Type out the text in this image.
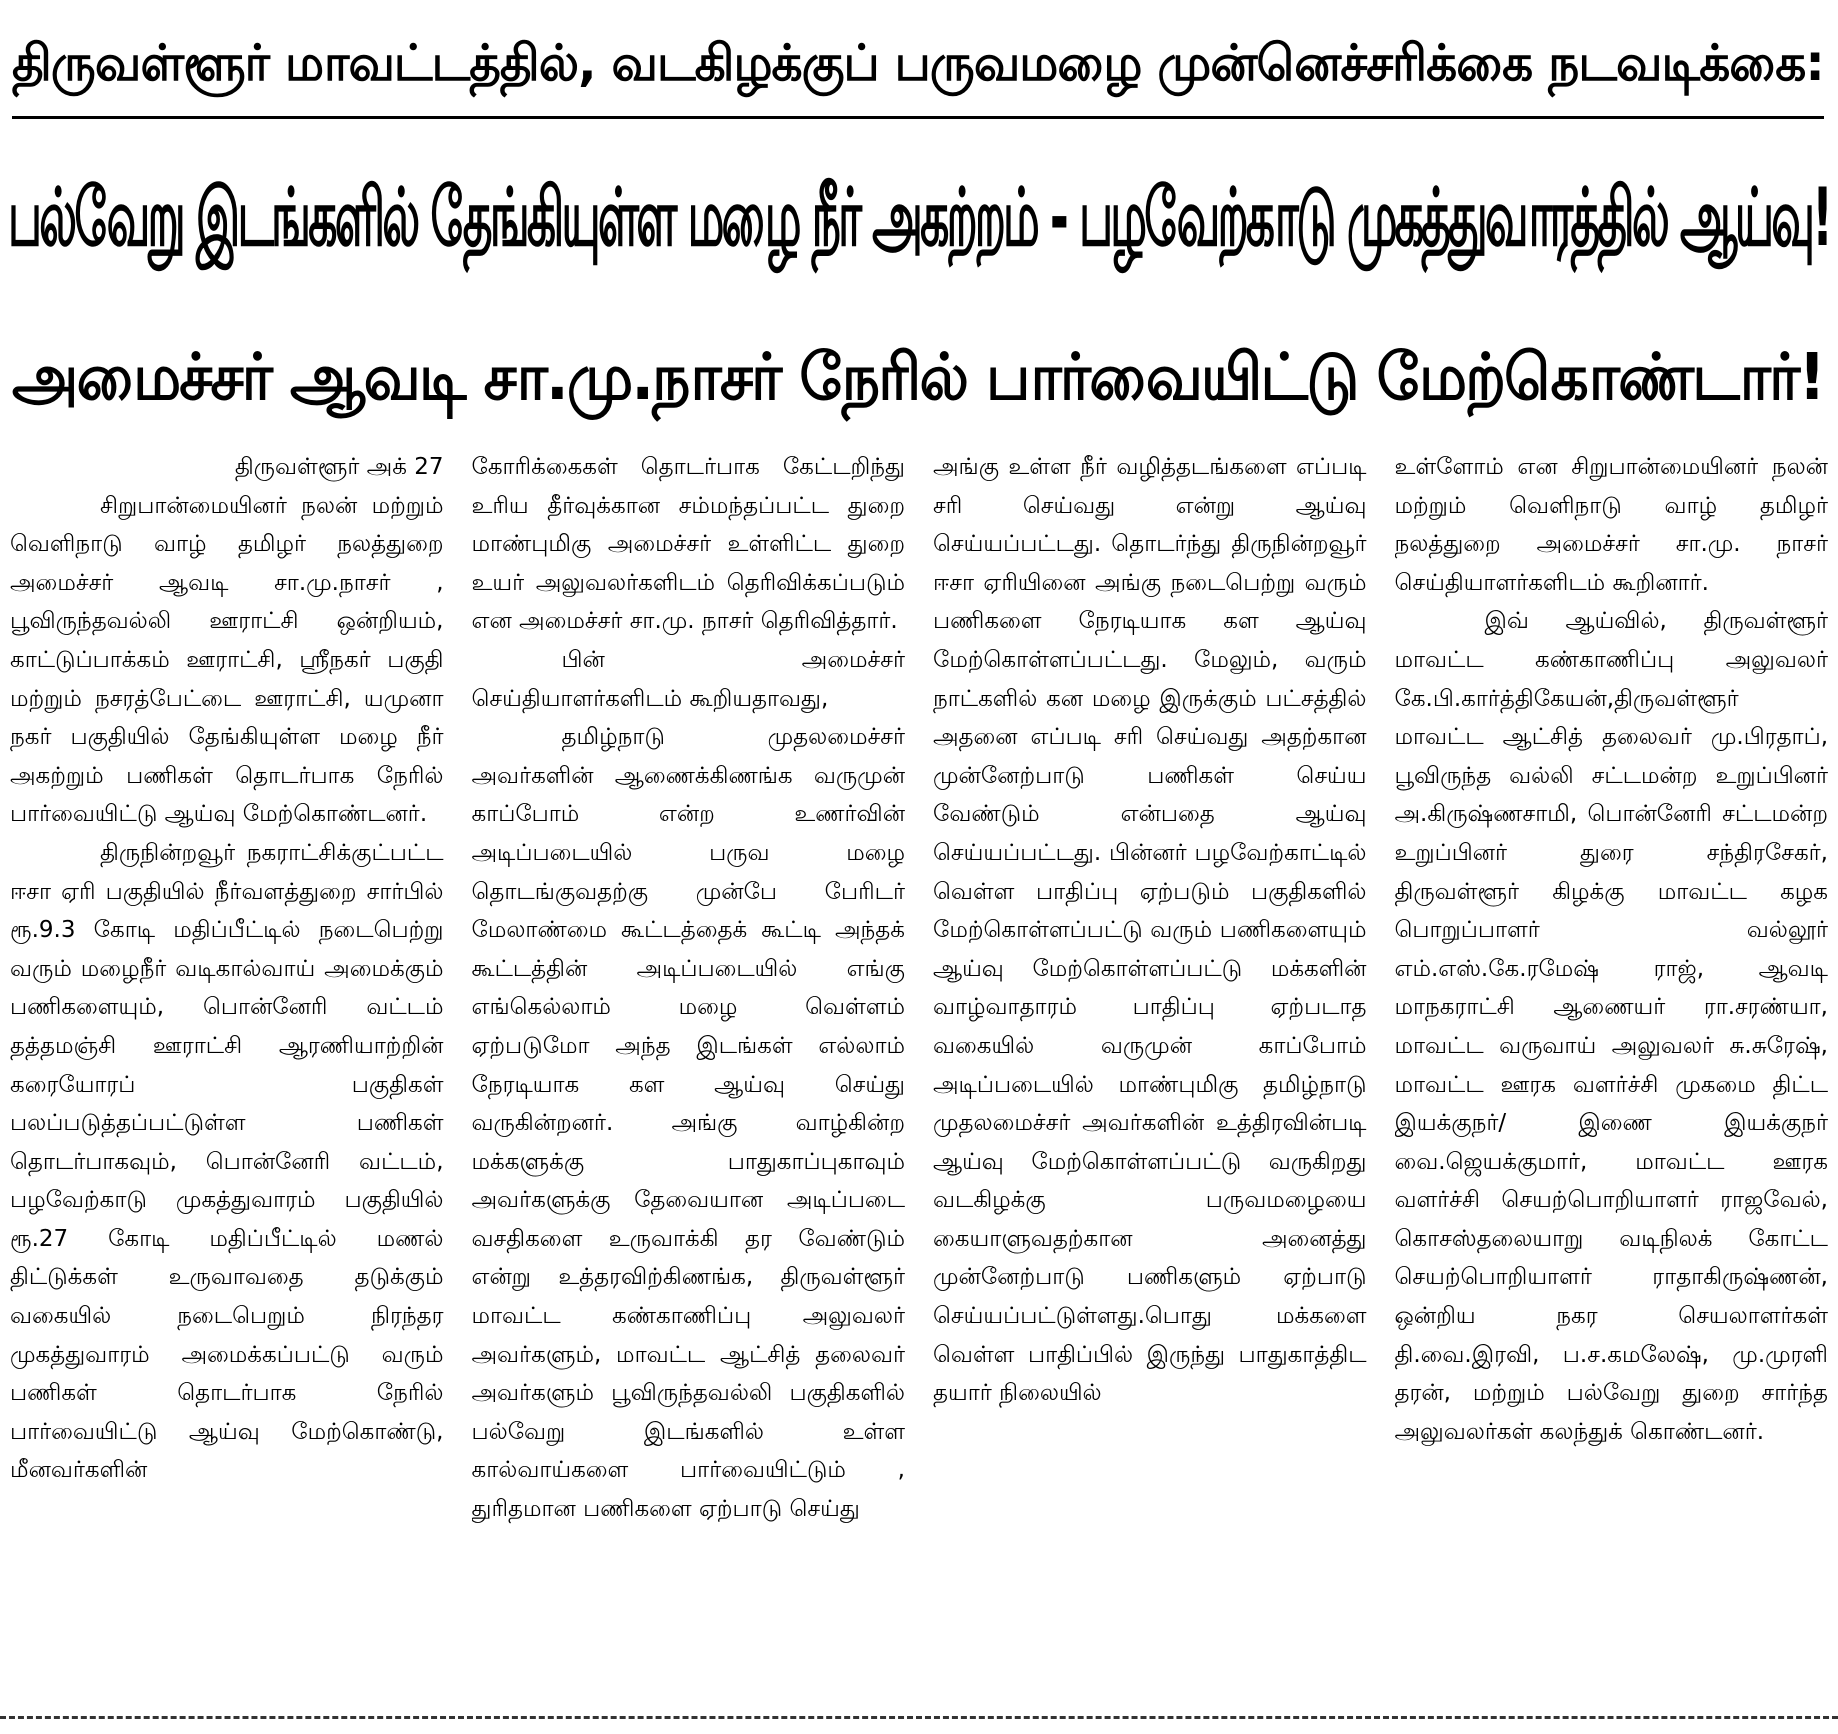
திருவள்ளூர் மாவட்டத்தில், வடகிழக்குப் பருவமழை முன்னெச்சரிக்கை நடவடிக்கை:
பல்வேறு இடங்களில் தேங்கியுள்ள மழை நீர் அகற்றம் - பழவேற்காடு முகத்துவாரத்தில் ஆய்வு!
அமைச்சர் ஆவடி சா.மு.நாசர் நேரில் பார்வையிட்டு மேற்கொண்டார்!

திருவள்ளூர் அக் 27

சிறுபான்மையினர் நலன் மற்றும் வெளிநாடு வாழ் தமிழர் நலத்துறை அமைச்சர் ஆவடி சா.மு.நாசர் , பூவிருந்தவல்லி ஊராட்சி ஒன்றியம், காட்டுப்பாக்கம் ஊராட்சி, ஸ்ரீநகர் பகுதி மற்றும் நசரத்பேட்டை ஊராட்சி, யமுனா நகர் பகுதியில் தேங்கியுள்ள மழை நீர் அகற்றும் பணிகள் தொடர்பாக நேரில் பார்வையிட்டு ஆய்வு மேற்கொண்டனர்.

திருநின்றவூர் நகராட்சிக்குட்பட்ட ஈசா ஏரி பகுதியில் நீர்வளத்துறை சார்பில் ரூ.9.3 கோடி மதிப்பீட்டில் நடைபெற்று வரும் மழைநீர் வடிகால்வாய் அமைக்கும் பணிகளையும், பொன்னேரி வட்டம் தத்தமஞ்சி ஊராட்சி ஆரணியாற்றின் கரையோரப் பகுதிகள் பலப்படுத்தப்பட்டுள்ள பணிகள் தொடர்பாகவும், பொன்னேரி வட்டம், பழவேற்காடு முகத்துவாரம் பகுதியில் ரூ.27 கோடி மதிப்பீட்டில் மணல் திட்டுக்கள் உருவாவதை தடுக்கும் வகையில் நடைபெறும் நிரந்தர முகத்துவாரம் அமைக்கப்பட்டு வரும் பணிகள் தொடர்பாக நேரில் பார்வையிட்டு ஆய்வு மேற்கொண்டு, மீனவர்களின்

கோரிக்கைகள் தொடர்பாக கேட்டறிந்து உரிய தீர்வுக்கான சம்மந்தப்பட்ட துறை மாண்புமிகு அமைச்சர் உள்ளிட்ட துறை உயர் அலுவலர்களிடம் தெரிவிக்கப்படும் என அமைச்சர் சா.மு. நாசர் தெரிவித்தார்.

பின் அமைச்சர் செய்தியாளர்களிடம் கூறியதாவது,

தமிழ்நாடு முதலமைச்சர் அவர்களின் ஆணைக்கிணங்க வருமுன் காப்போம் என்ற உணர்வின் அடிப்படையில் பருவ மழை தொடங்குவதற்கு முன்பே பேரிடர் மேலாண்மை கூட்டத்தைக் கூட்டி அந்தக் கூட்டத்தின் அடிப்படையில் எங்கு எங்கெல்லாம் மழை வெள்ளம் ஏற்படுமோ அந்த இடங்கள் எல்லாம் நேரடியாக கள ஆய்வு செய்து வருகின்றனர். அங்கு வாழ்கின்ற மக்களுக்கு பாதுகாப்புகாவும் அவர்களுக்கு தேவையான அடிப்படை வசதிகளை உருவாக்கி தர வேண்டும் என்று உத்தரவிற்கிணங்க, திருவள்ளூர் மாவட்ட கண்காணிப்பு அலுவலர் அவர்களும், மாவட்ட ஆட்சித் தலைவர் அவர்களும் பூவிருந்தவல்லி பகுதிகளில் பல்வேறு இடங்களில் உள்ள கால்வாய்களை பார்வையிட்டும் , துரிதமான பணிகளை ஏற்பாடு செய்து

அங்கு உள்ள நீர் வழித்தடங்களை எப்படி சரி செய்வது என்று ஆய்வு செய்யப்பட்டது. தொடர்ந்து திருநின்றவூர் ஈசா ஏரியினை அங்கு நடைபெற்று வரும் பணிகளை நேரடியாக கள ஆய்வு மேற்கொள்ளப்பட்டது. மேலும், வரும் நாட்களில் கன மழை இருக்கும் பட்சத்தில் அதனை எப்படி சரி செய்வது அதற்கான முன்னேற்பாடு பணிகள் செய்ய வேண்டும் என்பதை ஆய்வு செய்யப்பட்டது. பின்னர் பழவேற்காட்டில் வெள்ள பாதிப்பு ஏற்படும் பகுதிகளில் மேற்கொள்ளப்பட்டு வரும் பணிகளையும் ஆய்வு மேற்கொள்ளப்பட்டு மக்களின் வாழ்வாதாரம் பாதிப்பு ஏற்படாத வகையில் வருமுன் காப்போம் அடிப்படையில் மாண்புமிகு தமிழ்நாடு முதலமைச்சர் அவர்களின் உத்திரவின்படி ஆய்வு மேற்கொள்ளப்பட்டு வருகிறது வடகிழக்கு பருவமழையை கையாளுவதற்கான அனைத்து முன்னேற்பாடு பணிகளும் ஏற்பாடு செய்யப்பட்டுள்ளது.பொது மக்களை வெள்ள பாதிப்பில் இருந்து பாதுகாத்திட தயார் நிலையில்

உள்ளோம் என சிறுபான்மையினர் நலன் மற்றும் வெளிநாடு வாழ் தமிழர் நலத்துறை அமைச்சர் சா.மு. நாசர் செய்தியாளர்களிடம் கூறினார்.

இவ் ஆய்வில், திருவள்ளூர் மாவட்ட கண்காணிப்பு அலுவலர் கே.பி.கார்த்திகேயன்,திருவள்ளூர் மாவட்ட ஆட்சித் தலைவர் மு.பிரதாப், பூவிருந்த வல்லி சட்டமன்ற உறுப்பினர் அ.கிருஷ்ணசாமி, பொன்னேரி சட்டமன்ற உறுப்பினர் துரை சந்திரசேகர், திருவள்ளூர் கிழக்கு மாவட்ட கழக பொறுப்பாளர் வல்லூர் எம்.எஸ்.கே.ரமேஷ் ராஜ், ஆவடி மாநகராட்சி ஆணையர் ரா.சரண்யா, மாவட்ட வருவாய் அலுவலர் சு.சுரேஷ், மாவட்ட ஊரக வளர்ச்சி முகமை திட்ட இயக்குநர்/ இணை இயக்குநர் வை.ஜெயக்குமார், மாவட்ட ஊரக வளர்ச்சி செயற்பொறியாளர் ராஜவேல், கொசஸ்தலையாறு வடிநிலக் கோட்ட செயற்பொறியாளர் ராதாகிருஷ்ணன், ஒன்றிய நகர செயலாளர்கள் தி.வை.இரவி, ப.ச.கமலேஷ், மு.முரளி தரன், மற்றும் பல்வேறு துறை சார்ந்த அலுவலர்கள் கலந்துக் கொண்டனர்.
